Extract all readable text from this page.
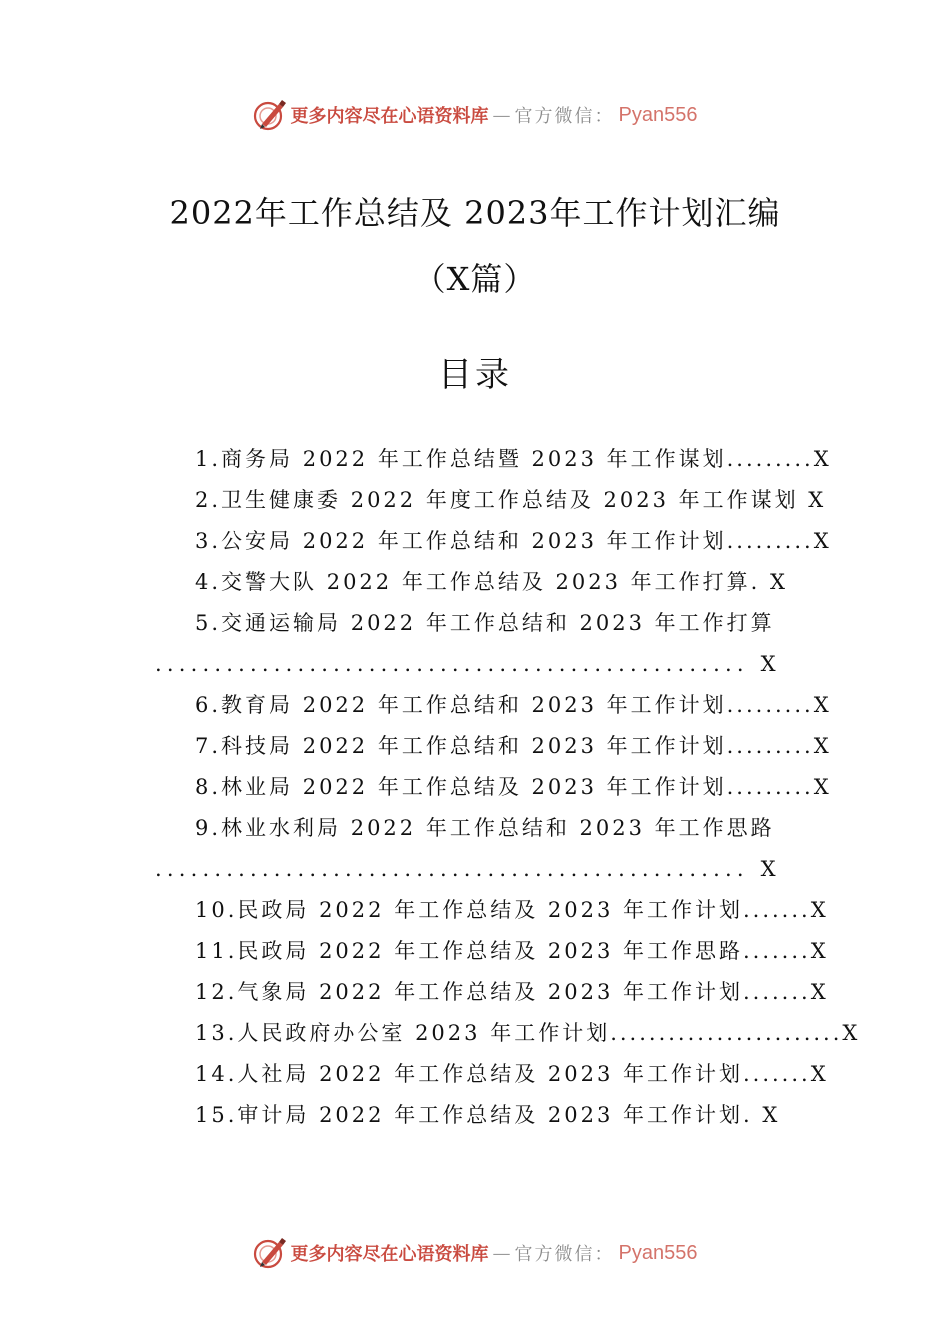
更多内容尽在心语资料库 — 官方微信： Pyan556
2022年工作总结及 2023年工作计划汇编
（X篇）
目录
1.商务局 2022 年工作总结暨 2023 年工作谋划.........X
2.卫生健康委 2022 年度工作总结及 2023 年工作谋划 X
3.公安局 2022 年工作总结和 2023 年工作计划.........X
4.交警大队 2022 年工作总结及 2023 年工作打算. X
5.交通运输局 2022 年工作总结和 2023 年工作打算
.................................................. X
6.教育局 2022 年工作总结和 2023 年工作计划.........X
7.科技局 2022 年工作总结和 2023 年工作计划.........X
8.林业局 2022 年工作总结及 2023 年工作计划.........X
9.林业水利局 2022 年工作总结和 2023 年工作思路
.................................................. X
10.民政局 2022 年工作总结及 2023 年工作计划.......X
11.民政局 2022 年工作总结及 2023 年工作思路.......X
12.气象局 2022 年工作总结及 2023 年工作计划.......X
13.人民政府办公室 2023 年工作计划........................X
14.人社局 2022 年工作总结及 2023 年工作计划.......X
15.审计局 2022 年工作总结及 2023 年工作计划. X
更多内容尽在心语资料库 — 官方微信： Pyan556
